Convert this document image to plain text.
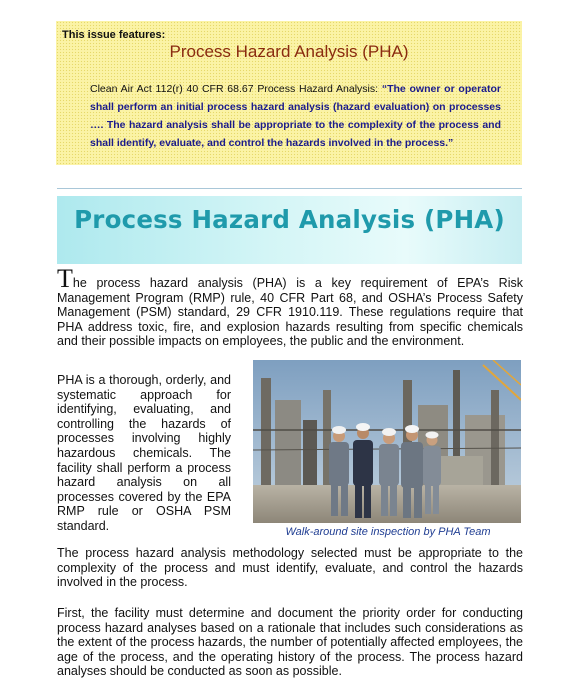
This issue features:
Process Hazard Analysis (PHA)
Clean Air Act 112(r) 40 CFR 68.67 Process Hazard Analysis: “The owner or operator shall perform an initial process hazard analysis (hazard evaluation) on processes …. The hazard analysis shall be appropriate to the complexity of the process and shall identify, evaluate, and control the hazards involved in the process.”
Process Hazard Analysis (PHA)

The process hazard analysis (PHA) is a key requirement of EPA’s Risk Management Program (RMP) rule, 40 CFR Part 68, and OSHA’s Process Safety Management (PSM) standard, 29 CFR 1910.119. These regulations require that PHA address toxic, fire, and explosion hazards resulting from specific chemicals and their possible impacts on employees, the public and the environment.

PHA is a thorough, orderly, and systematic approach for identifying, evaluating, and controlling the hazards of processes involving highly hazardous chemicals. The facility shall perform a process hazard analysis on all processes covered by the EPA RMP rule or OSHA PSM standard.	Walk-around site inspection by PHA Team

The process hazard analysis methodology selected must be appropriate to the complexity of the process and must identify, evaluate, and control the hazards involved in the process.

First, the facility must determine and document the priority order for conducting process hazard analyses based on a rationale that includes such considerations as the extent of the process hazards, the number of potentially affected employees, the age of the process, and the operating history of the process. The process hazard analyses should be conducted as soon as possible.
